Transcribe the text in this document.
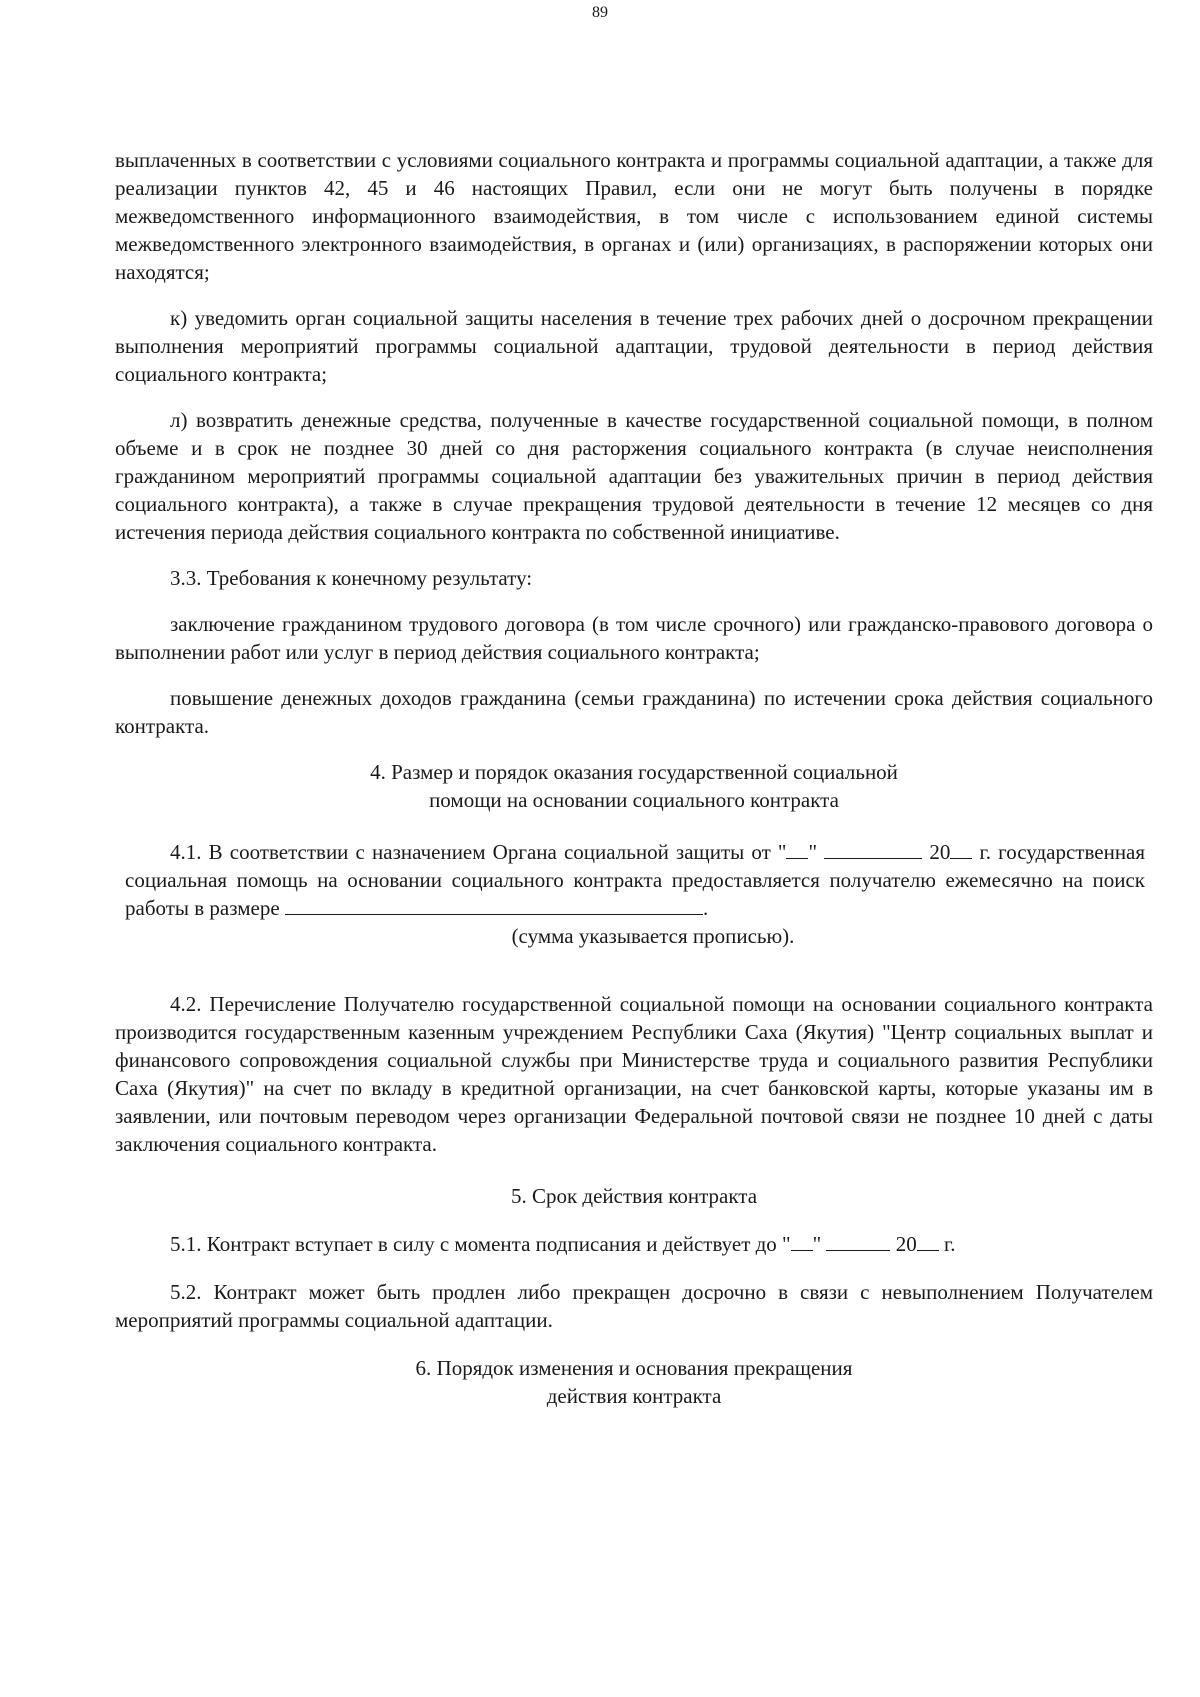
89

выплаченных в соответствии с условиями социального контракта и программы социальной адаптации, а также для реализации пунктов 42, 45 и 46 настоящих Правил, если они не могут быть получены в порядке межведомственного информационного взаимодействия, в том числе с использованием единой системы межведомственного электронного взаимодействия, в органах и (или) организациях, в распоряжении которых они находятся;

к) уведомить орган социальной защиты населения в течение трех рабочих дней о досрочном прекращении выполнения мероприятий программы социальной адаптации, трудовой деятельности в период действия социального контракта;

л) возвратить денежные средства, полученные в качестве государственной социальной помощи, в полном объеме и в срок не позднее 30 дней со дня расторжения социального контракта (в случае неисполнения гражданином мероприятий программы социальной адаптации без уважительных причин в период действия социального контракта), а также в случае прекращения трудовой деятельности в течение 12 месяцев со дня истечения периода действия социального контракта по собственной инициативе.

3.3. Требования к конечному результату:

заключение гражданином трудового договора (в том числе срочного) или гражданско-правового договора о выполнении работ или услуг в период действия социального контракта;

повышение денежных доходов гражданина (семьи гражданина) по истечении срока действия социального контракта.

4. Размер и порядок оказания государственной социальной
помощи на основании социального контракта

4.1. В соответствии с назначением Органа социальной защиты от " "	20 г. государственная социальная помощь на основании социального контракта предоставляется получателю ежемесячно на поиск работы в размере	.

(сумма указывается прописью).

4.2. Перечисление Получателю государственной социальной помощи на основании социального контракта производится государственным казенным учреждением Республики Саха (Якутия) "Центр социальных выплат и финансового сопровождения социальной службы при Министерстве труда и социального развития Республики Саха (Якутия)" на счет по вкладу в кредитной организации, на счет банковской карты, которые указаны им в заявлении, или почтовым переводом через организации Федеральной почтовой связи не позднее 10 дней с даты заключения социального контракта.

5. Срок действия контракта

5.1. Контракт вступает в силу с момента подписания и действует до " "	20 г.

5.2. Контракт может быть продлен либо прекращен досрочно в связи с невыполнением Получателем мероприятий программы социальной адаптации.

6. Порядок изменения и основания прекращения
действия контракта
